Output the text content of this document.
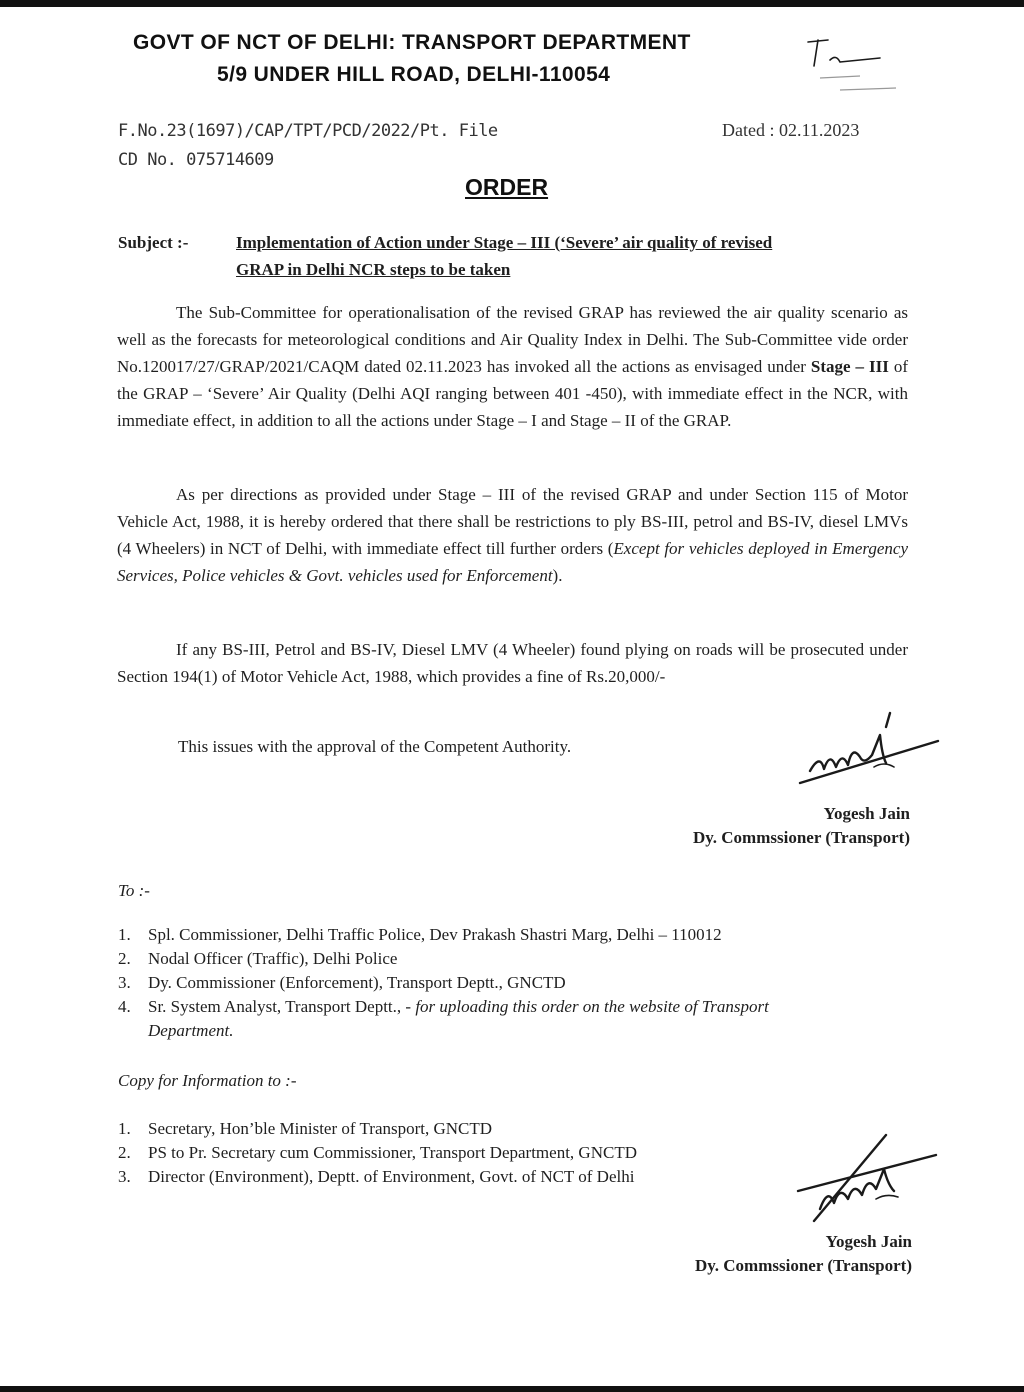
GOVT OF NCT OF DELHI: TRANSPORT DEPARTMENT
5/9 UNDER HILL ROAD, DELHI-110054
F.No.23(1697)/CAP/TPT/PCD/2022/Pt. File
CD No. 075714609
Dated : 02.11.2023
ORDER
Subject :-	Implementation of Action under Stage – III (‘Severe’ air quality of revised
GRAP in Delhi NCR steps to be taken
The Sub-Committee for operationalisation of the revised GRAP has reviewed the air quality scenario as well as the forecasts for meteorological conditions and Air Quality Index in Delhi. The Sub-Committee vide order No.120017/27/GRAP/2021/CAQM dated 02.11.2023 has invoked all the actions as envisaged under Stage – III of the GRAP – ‘Severe’ Air Quality (Delhi AQI ranging between 401 -450), with immediate effect in the NCR, with immediate effect, in addition to all the actions under Stage – I and Stage – II of the GRAP.
As per directions as provided under Stage – III of the revised GRAP and under Section 115 of Motor Vehicle Act, 1988, it is hereby ordered that there shall be restrictions to ply BS-III, petrol and BS-IV, diesel LMVs (4 Wheelers) in NCT of Delhi, with immediate effect till further orders (Except for vehicles deployed in Emergency Services, Police vehicles & Govt. vehicles used for Enforcement).
If any BS-III, Petrol and BS-IV, Diesel LMV (4 Wheeler) found plying on roads will be prosecuted under Section 194(1) of Motor Vehicle Act, 1988, which provides a fine of Rs.20,000/-
This issues with the approval of the Competent Authority.
Yogesh Jain
Dy. Commssioner (Transport)
To :-
1. Spl. Commissioner, Delhi Traffic Police, Dev Prakash Shastri Marg, Delhi – 110012
2. Nodal Officer (Traffic), Delhi Police
3. Dy. Commissioner (Enforcement), Transport Deptt., GNCTD
4. Sr. System Analyst, Transport Deptt., - for uploading this order on the website of Transport
Department.
Copy for Information to :-
1. Secretary, Hon’ble Minister of Transport, GNCTD
2. PS to Pr. Secretary cum Commissioner, Transport Department, GNCTD
3. Director (Environment), Deptt. of Environment, Govt. of NCT of Delhi
Yogesh Jain
Dy. Commssioner (Transport)
